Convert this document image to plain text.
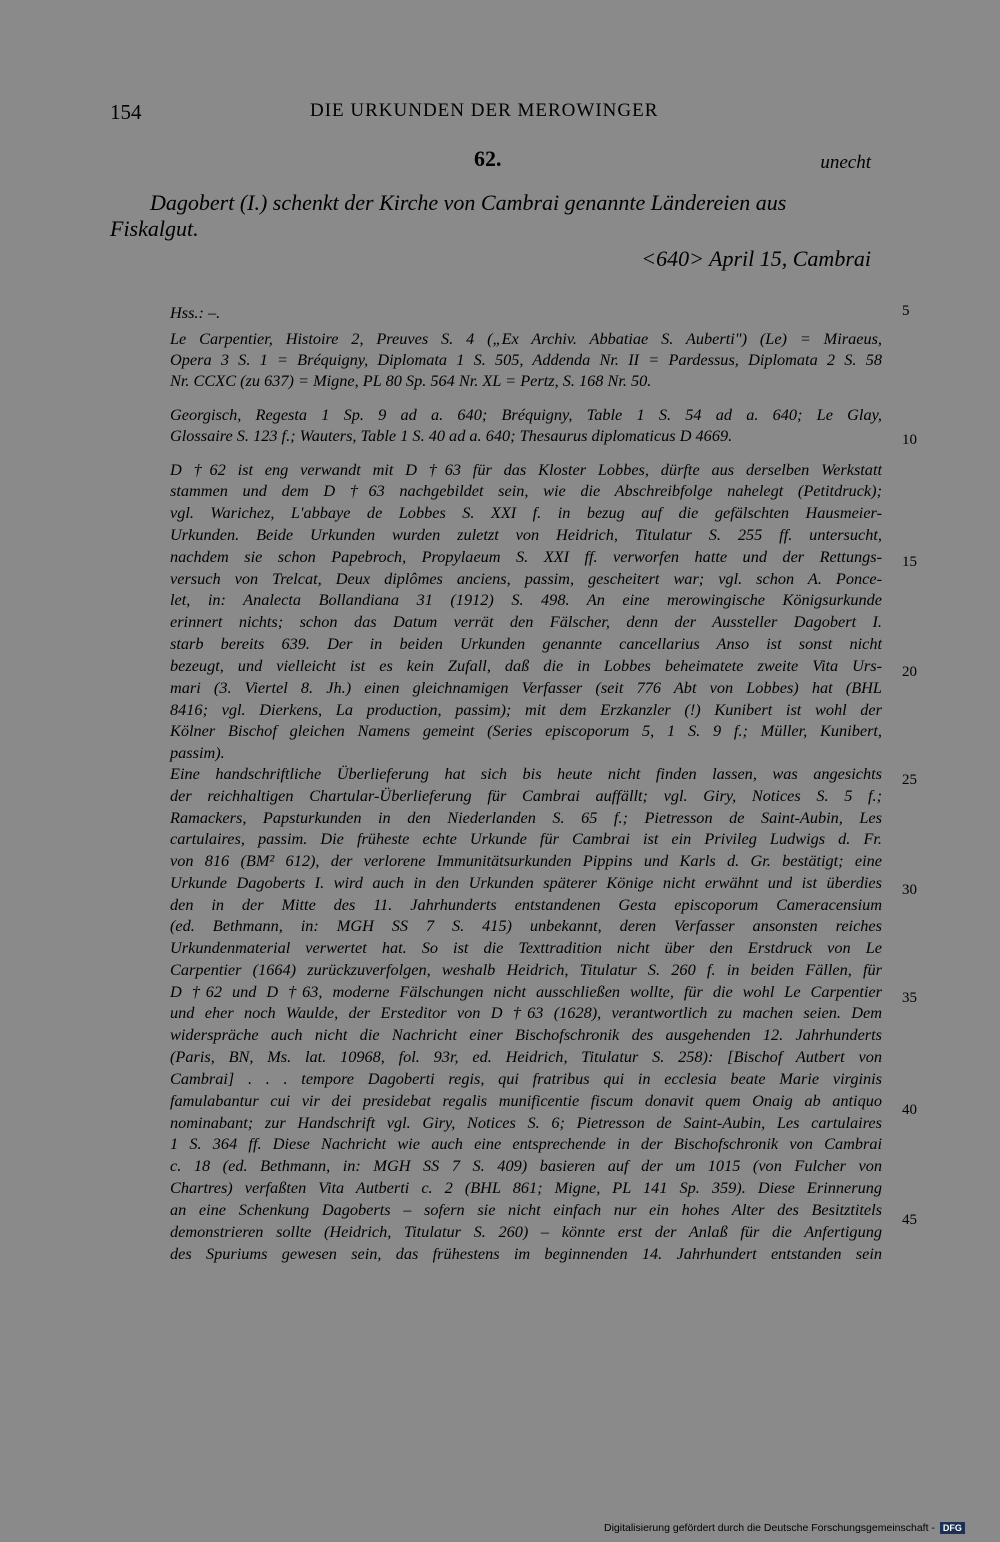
154	DIE URKUNDEN DER MEROWINGER
62.	unecht
Dagobert (I.) schenkt der Kirche von Cambrai genannte Ländereien aus
Fiskalgut.
<640> April 15, Cambrai
Hss.: –.
Le Carpentier, Histoire 2, Preuves S. 4 („Ex Archiv. Abbatiae S. Auberti") (Le) = Miraeus,
Opera 3 S. 1 = Bréquigny, Diplomata 1 S. 505, Addenda Nr. II = Pardessus, Diplomata 2 S. 58
Nr. CCXC (zu 637) = Migne, PL 80 Sp. 564 Nr. XL = Pertz, S. 168 Nr. 50.
Georgisch, Regesta 1 Sp. 9 ad a. 640; Bréquigny, Table 1 S. 54 ad a. 640; Le Glay,
Glossaire S. 123 f.; Wauters, Table 1 S. 40 ad a. 640; Thesaurus diplomaticus D 4669.
D †62 ist eng verwandt mit D †63 für das Kloster Lobbes, dürfte aus derselben Werkstatt
stammen und dem D †63 nachgebildet sein, wie die Abschreibfolge nahelegt (Petitdruck);
vgl. Warichez, L'abbaye de Lobbes S. XXI f. in bezug auf die gefälschten Hausmeier-
Urkunden. Beide Urkunden wurden zuletzt von Heidrich, Titulatur S. 255 ff. untersucht,
nachdem sie schon Papebroch, Propylaeum S. XXI ff. verworfen hatte und der Rettungs-
versuch von Trelcat, Deux diplômes anciens, passim, gescheitert war; vgl. schon A. Ponce-
let, in: Analecta Bollandiana 31 (1912) S. 498. An eine merowingische Königsurkunde
erinnert nichts; schon das Datum verrät den Fälscher, denn der Aussteller Dagobert I.
starb bereits 639. Der in beiden Urkunden genannte cancellarius Anso ist sonst nicht
bezeugt, und vielleicht ist es kein Zufall, daß die in Lobbes beheimatete zweite Vita Urs-
mari (3. Viertel 8. Jh.) einen gleichnamigen Verfasser (seit 776 Abt von Lobbes) hat (BHL
8416; vgl. Dierkens, La production, passim); mit dem Erzkanzler (!) Kunibert ist wohl der
Kölner Bischof gleichen Namens gemeint (Series episcoporum 5, 1 S. 9 f.; Müller, Kunibert,
passim).
Eine handschriftliche Überlieferung hat sich bis heute nicht finden lassen, was angesichts
der reichhaltigen Chartular-Überlieferung für Cambrai auffällt; vgl. Giry, Notices S. 5 f.;
Ramackers, Papsturkunden in den Niederlanden S. 65 f.; Pietresson de Saint-Aubin, Les
cartulaires, passim. Die früheste echte Urkunde für Cambrai ist ein Privileg Ludwigs d. Fr.
von 816 (BM² 612), der verlorene Immunitätsurkunden Pippins und Karls d. Gr. bestätigt; eine
Urkunde Dagoberts I. wird auch in den Urkunden späterer Könige nicht erwähnt und ist überdies
den in der Mitte des 11. Jahrhunderts entstandenen Gesta episcoporum Cameracensium
(ed. Bethmann, in: MGH SS 7 S. 415) unbekannt, deren Verfasser ansonsten reiches
Urkundenmaterial verwertet hat. So ist die Texttradition nicht über den Erstdruck von Le
Carpentier (1664) zurückzuverfolgen, weshalb Heidrich, Titulatur S. 260 f. in beiden Fällen, für
D †62 und D †63, moderne Fälschungen nicht ausschließen wollte, für die wohl Le Carpentier
und eher noch Waulde, der Ersteditor von D †63 (1628), verantwortlich zu machen seien. Dem
widerspräche auch nicht die Nachricht einer Bischofschronik des ausgehenden 12. Jahrhunderts
(Paris, BN, Ms. lat. 10968, fol. 93r, ed. Heidrich, Titulatur S. 258): [Bischof Autbert von
Cambrai] . . . tempore Dagoberti regis, qui fratribus qui in ecclesia beate Marie virginis
famulabantur cui vir dei presidebat regalis munificentie fiscum donavit quem Onaig ab antiquo
nominabant; zur Handschrift vgl. Giry, Notices S. 6; Pietresson de Saint-Aubin, Les cartulaires
1 S. 364 ff. Diese Nachricht wie auch eine entsprechende in der Bischofschronik von Cambrai
c. 18 (ed. Bethmann, in: MGH SS 7 S. 409) basieren auf der um 1015 (von Fulcher von
Chartres) verfaßten Vita Autberti c. 2 (BHL 861; Migne, PL 141 Sp. 359). Diese Erinnerung
an eine Schenkung Dagoberts – sofern sie nicht einfach nur ein hohes Alter des Besitztitels
demonstrieren sollte (Heidrich, Titulatur S. 260) – könnte erst der Anlaß für die Anfertigung
des Spuriums gewesen sein, das frühestens im beginnenden 14. Jahrhundert entstanden sein
5
10
15
20
25
30
35
40
45
Digitalisierung gefördert durch die Deutsche Forschungsgemeinschaft - DFG
